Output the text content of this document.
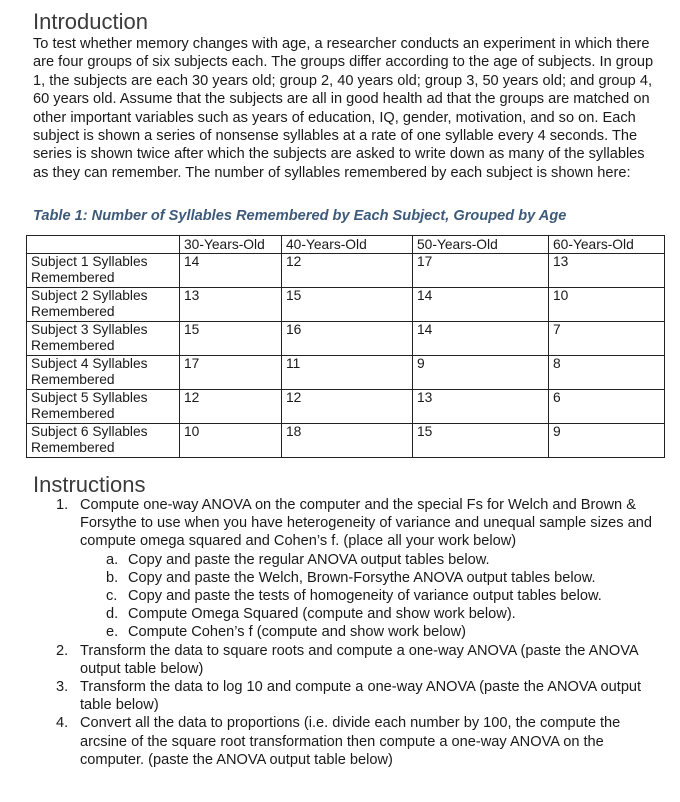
Introduction

To test whether memory changes with age, a researcher conducts an experiment in which there are four groups of six subjects each. The groups differ according to the age of subjects. In group 1, the subjects are each 30 years old; group 2, 40 years old; group 3, 50 years old; and group 4, 60 years old. Assume that the subjects are all in good health ad that the groups are matched on other important variables such as years of education, IQ, gender, motivation, and so on. Each subject is shown a series of nonsense syllables at a rate of one syllable every 4 seconds. The series is shown twice after which the subjects are asked to write down as many of the syllables as they can remember. The number of syllables remembered by each subject is shown here:

Table 1: Number of Syllables Remembered by Each Subject, Grouped by Age

	30-Years-Old	40-Years-Old	50-Years-Old	60-Years-Old
Subject 1 Syllables Remembered	14	12	17	13
Subject 2 Syllables Remembered	13	15	14	10
Subject 3 Syllables Remembered	15	16	14	7
Subject 4 Syllables Remembered	17	11	9	8
Subject 5 Syllables Remembered	12	12	13	6
Subject 6 Syllables Remembered	10	18	15	9
Instructions
1. Compute one-way ANOVA on the computer and the special Fs for Welch and Brown & Forsythe to use when you have heterogeneity of variance and unequal sample sizes and compute omega squared and Cohen’s f. (place all your work below)
a. Copy and paste the regular ANOVA output tables below.
b. Copy and paste the Welch, Brown-Forsythe ANOVA output tables below.
c. Copy and paste the tests of homogeneity of variance output tables below.
d. Compute Omega Squared (compute and show work below).
e. Compute Cohen’s f (compute and show work below)
2. Transform the data to square roots and compute a one-way ANOVA (paste the ANOVA output table below)
3. Transform the data to log 10 and compute a one-way ANOVA (paste the ANOVA output table below)
4. Convert all the data to proportions (i.e. divide each number by 100, the compute the arcsine of the square root transformation then compute a one-way ANOVA on the computer. (paste the ANOVA output table below)
